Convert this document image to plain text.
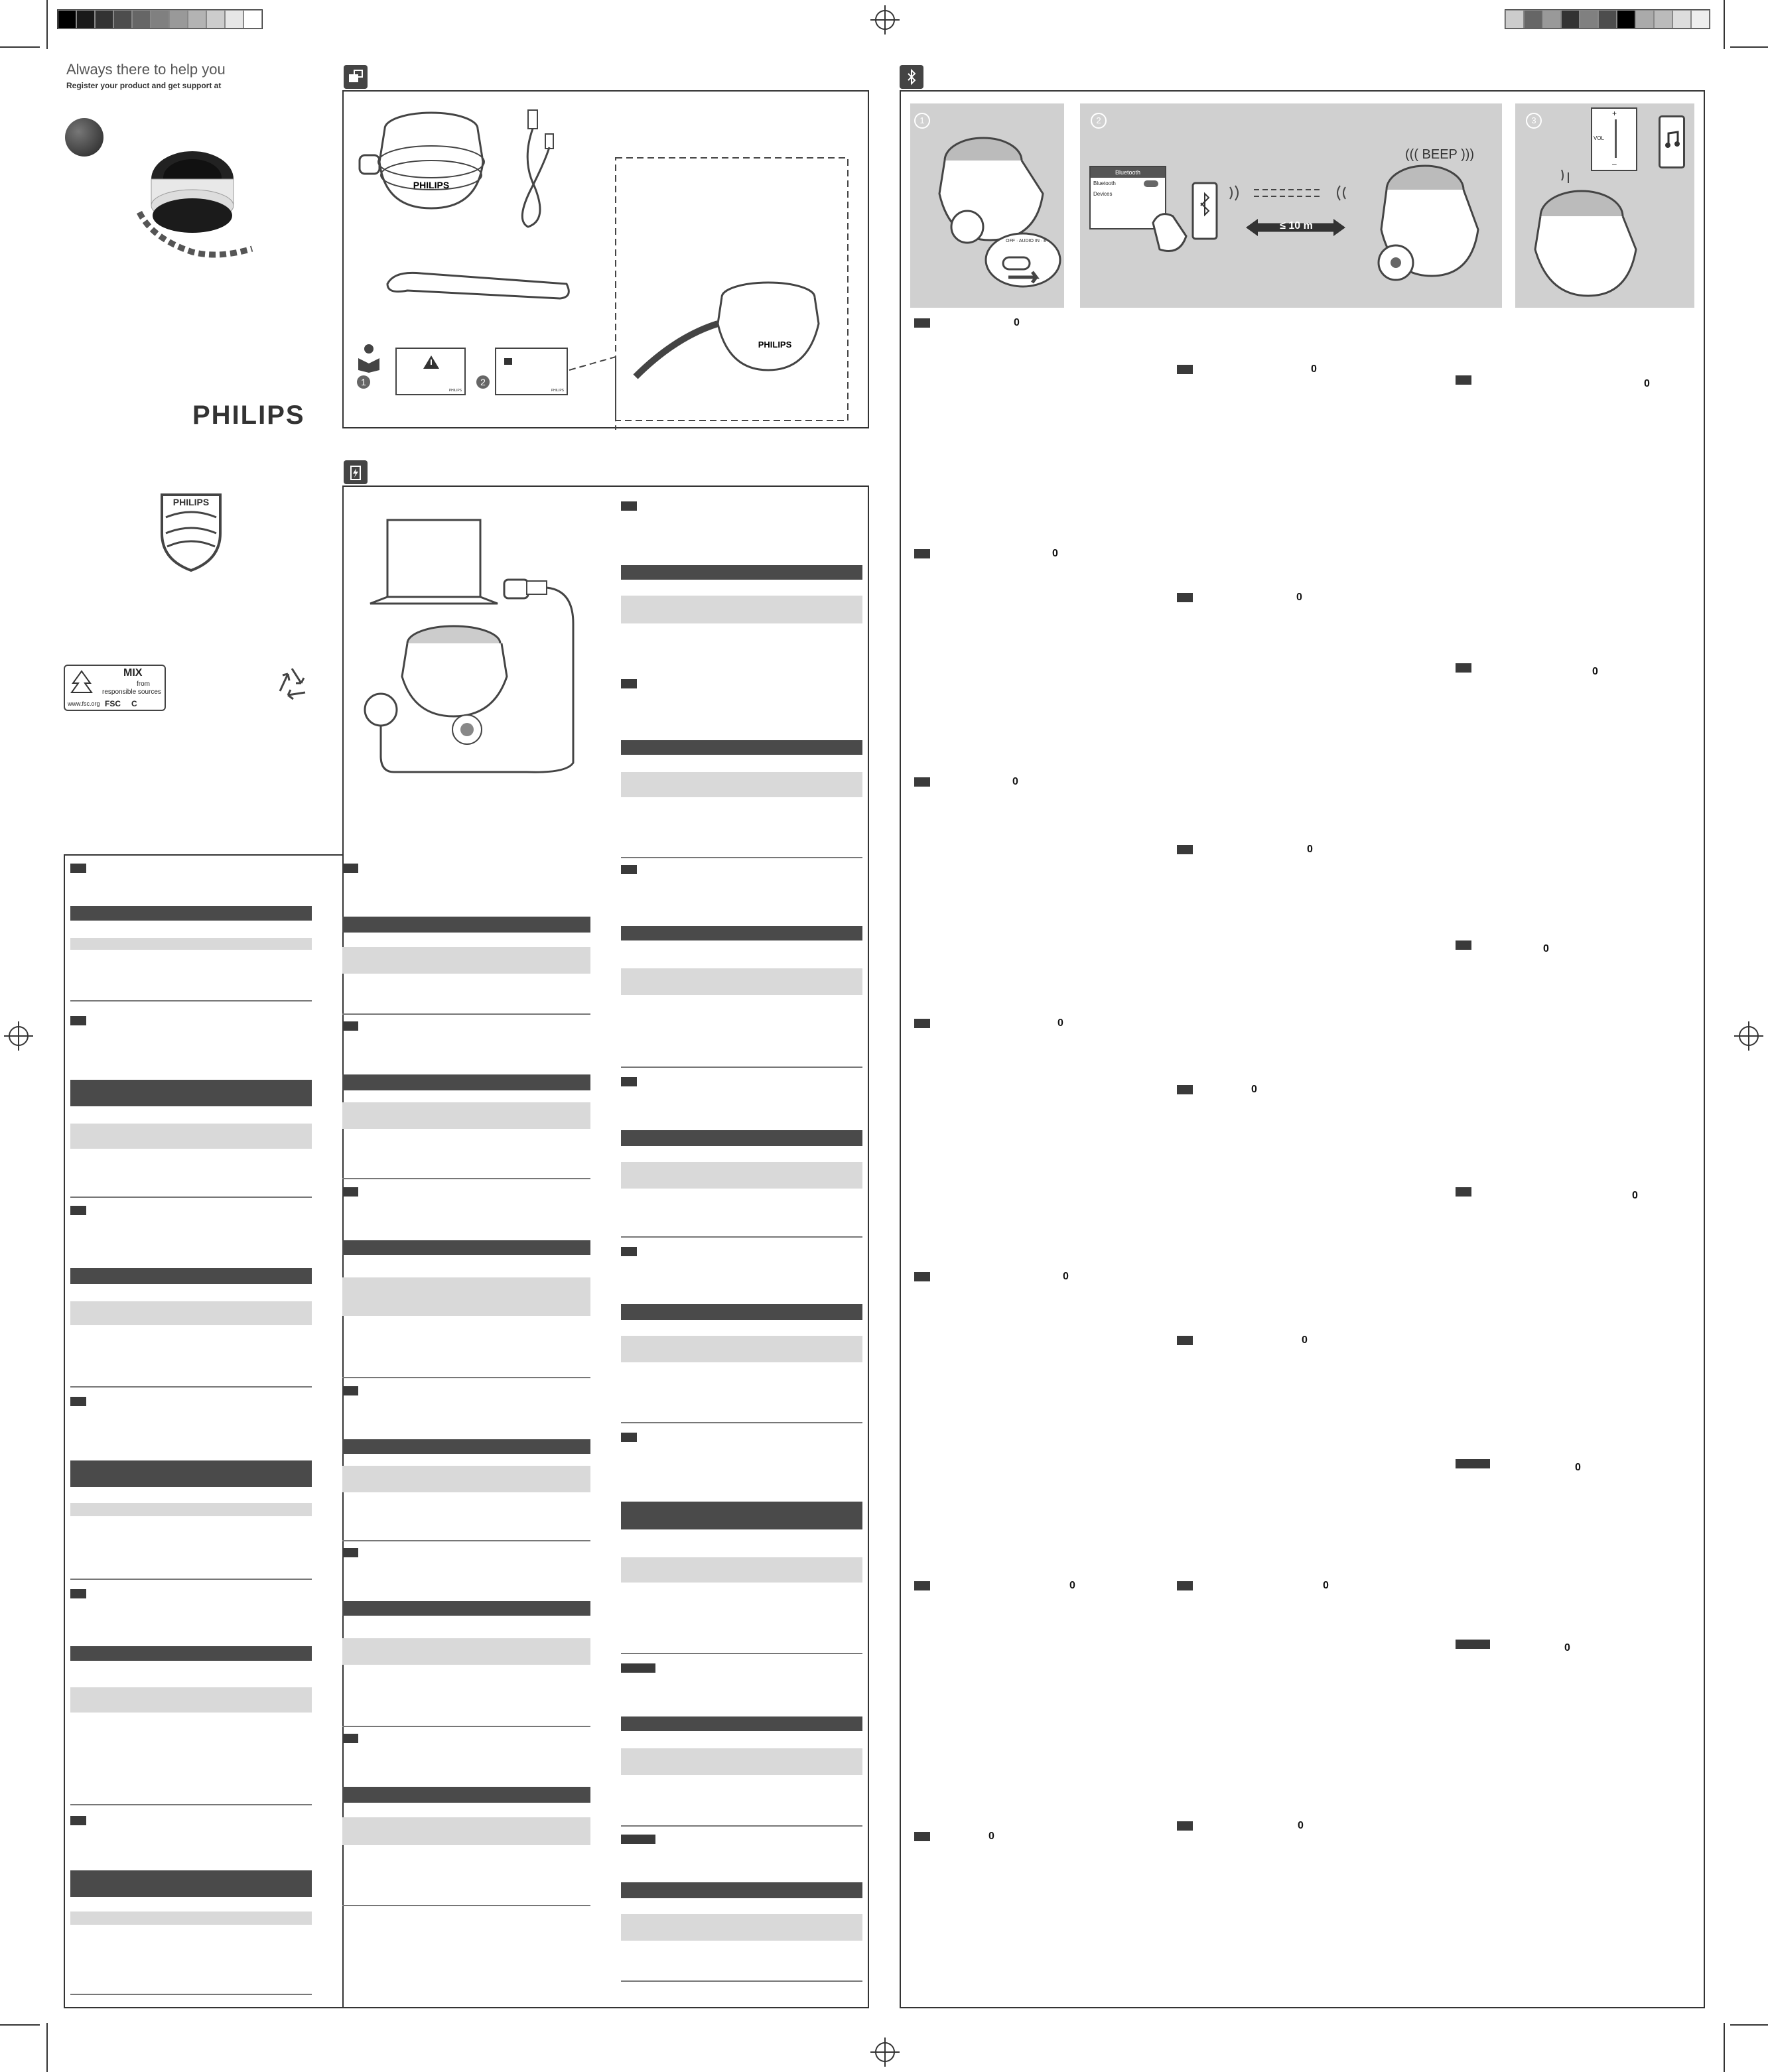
Always there to help you
Register your product and get support at
PHILIPS
PHILIPS
MIX
from
responsible sources
www.fsc.org FSC C
PHILIPS
PHILIPS
1
PHILIPS
2
PHILIPS
1
OFF · AUDIO IN · ʙ
2
Bluetooth
Bluetooth
Devices
≤ 10 m
((( BEEP )))
3
+
VOL
–
0
0
0
0
0
0
0
0
0
0
0
0
0
0
0
0
0
0
0
0
